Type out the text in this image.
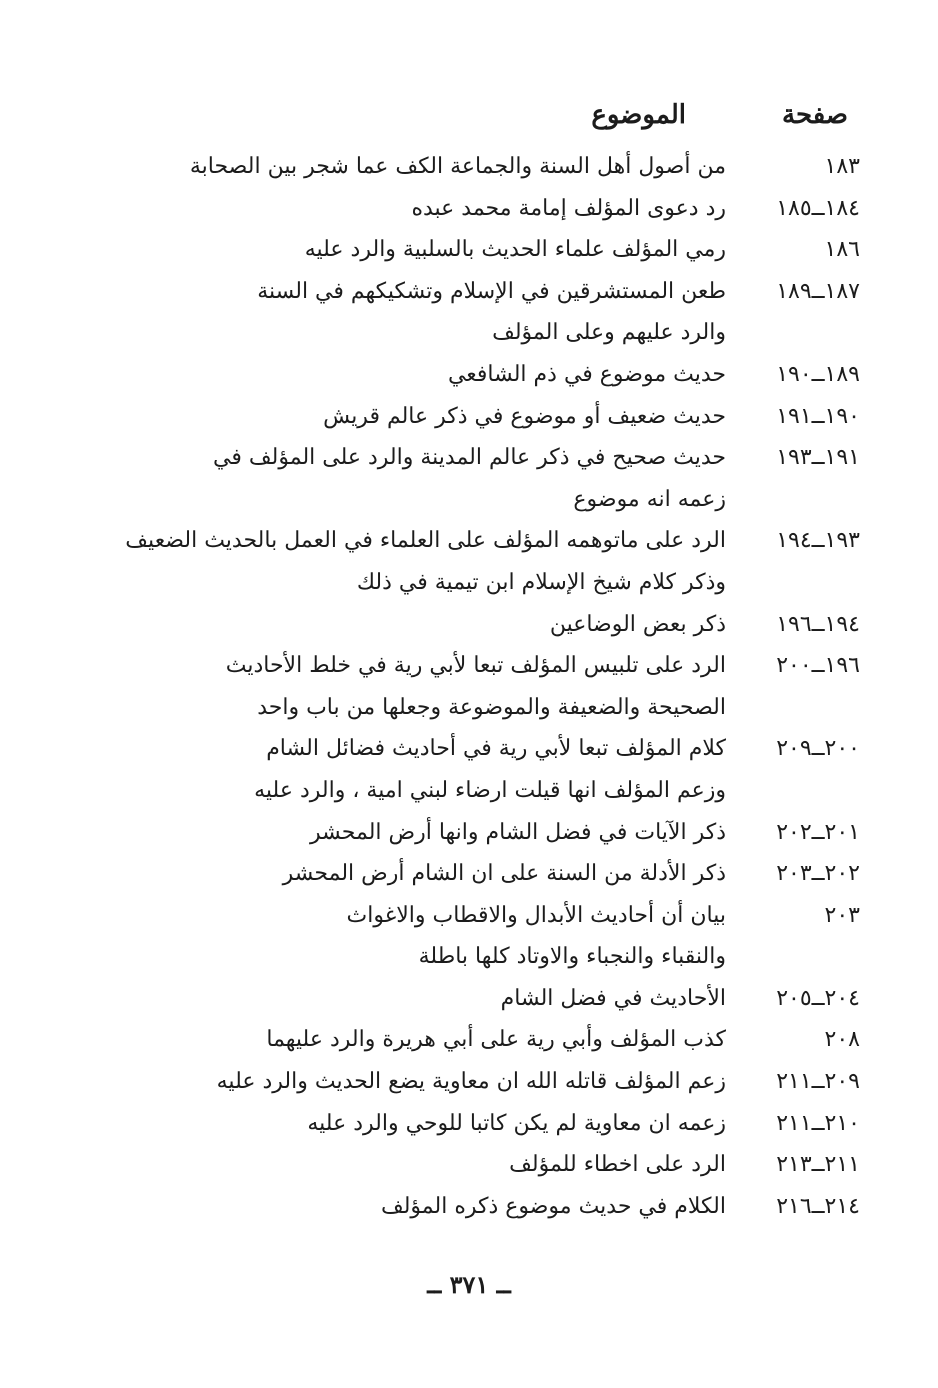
صفحة
الموضوع
١٨٣
من أصول أهل السنة والجماعة الكف عما شجر بين الصحابة
١٨٤ــ١٨٥
رد دعوى المؤلف إمامة محمد عبده
١٨٦
رمي المؤلف علماء الحديث بالسلبية والرد عليه
١٨٧ــ١٨٩
طعن المستشرقين في الإسلام وتشكيكهم في السنة
والرد عليهم وعلى المؤلف
١٨٩ــ١٩٠
حديث موضوع في ذم الشافعي
١٩٠ــ١٩١
حديث ضعيف أو موضوع في ذكر عالم قريش
١٩١ــ١٩٣
حديث صحيح في ذكر عالم المدينة والرد على المؤلف في
زعمه انه موضوع
١٩٣ــ١٩٤
الرد على ماتوهمه المؤلف على العلماء في العمل بالحديث الضعيف
وذكر كلام شيخ الإسلام ابن تيمية في ذلك
١٩٤ــ١٩٦
ذكر بعض الوضاعين
١٩٦ــ٢٠٠
الرد على تلبيس المؤلف تبعا لأبي رية في خلط الأحاديث
الصحيحة والضعيفة والموضوعة وجعلها من باب واحد
٢٠٠ــ٢٠٩
كلام المؤلف تبعا لأبي رية في أحاديث فضائل الشام
وزعم المؤلف انها قيلت ارضاء لبني امية ، والرد عليه
٢٠١ــ٢٠٢
ذكر الآيات في فضل الشام وانها أرض المحشر
٢٠٢ــ٢٠٣
ذكر الأدلة من السنة على ان الشام أرض المحشر
٢٠٣
بيان أن أحاديث الأبدال والاقطاب والاغواث
والنقباء والنجباء والاوتاد كلها باطلة
٢٠٤ــ٢٠٥
الأحاديث في فضل الشام
٢٠٨
كذب المؤلف وأبي رية على أبي هريرة والرد عليهما
٢٠٩ــ٢١١
زعم المؤلف قاتله الله ان معاوية يضع الحديث والرد عليه
٢١٠ــ٢١١
زعمه ان معاوية لم يكن كاتبا للوحي والرد عليه
٢١١ــ٢١٣
الرد على اخطاء للمؤلف
٢١٤ــ٢١٦
الكلام في حديث موضوع ذكره المؤلف
ــ ٣٧١ ــ
